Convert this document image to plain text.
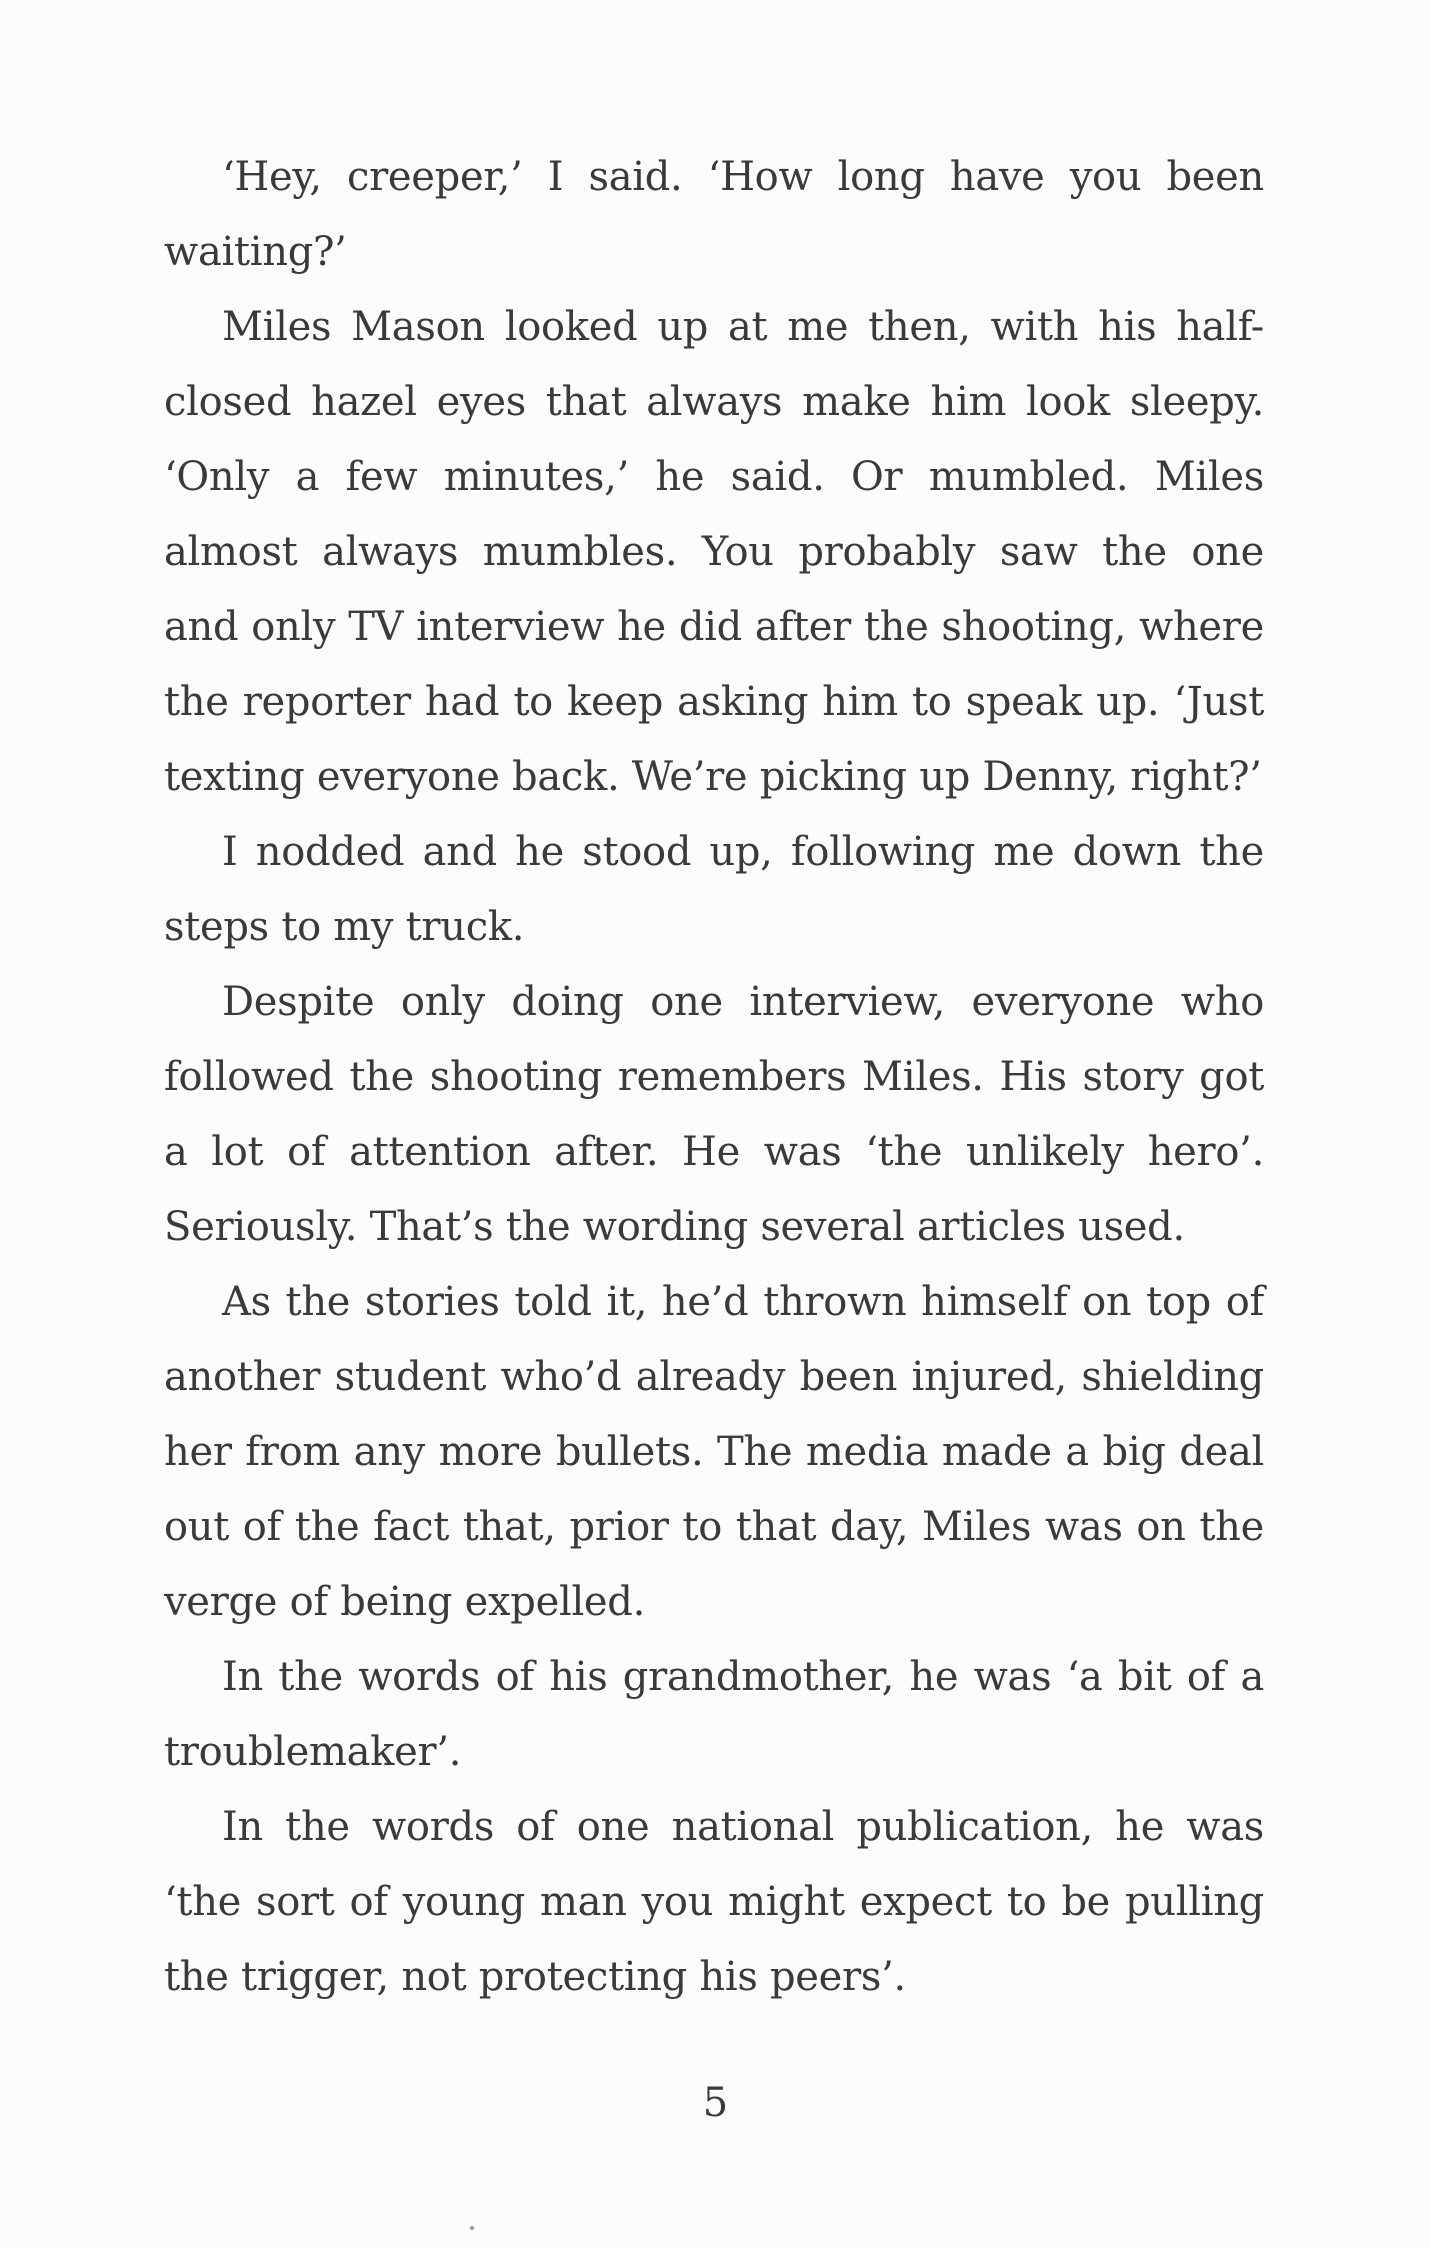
‘Hey, creeper,’ I said. ‘How long have you been waiting?’

Miles Mason looked up at me then, with his half-closed hazel eyes that always make him look sleepy. ‘Only a few minutes,’ he said. Or mumbled. Miles almost always mumbles. You probably saw the one and only TV interview he did after the shooting, where the reporter had to keep asking him to speak up. ‘Just texting everyone back. We’re picking up Denny, right?’

I nodded and he stood up, following me down the steps to my truck.

Despite only doing one interview, everyone who followed the shooting remembers Miles. His story got a lot of attention after. He was ‘the unlikely hero’. Seriously. That’s the wording several articles used.

As the stories told it, he’d thrown himself on top of another student who’d already been injured, shielding her from any more bullets. The media made a big deal out of the fact that, prior to that day, Miles was on the verge of being expelled.

In the words of his grandmother, he was ‘a bit of a troublemaker’.

In the words of one national publication, he was ‘the sort of young man you might expect to be pulling the trigger, not protecting his peers’.

5
